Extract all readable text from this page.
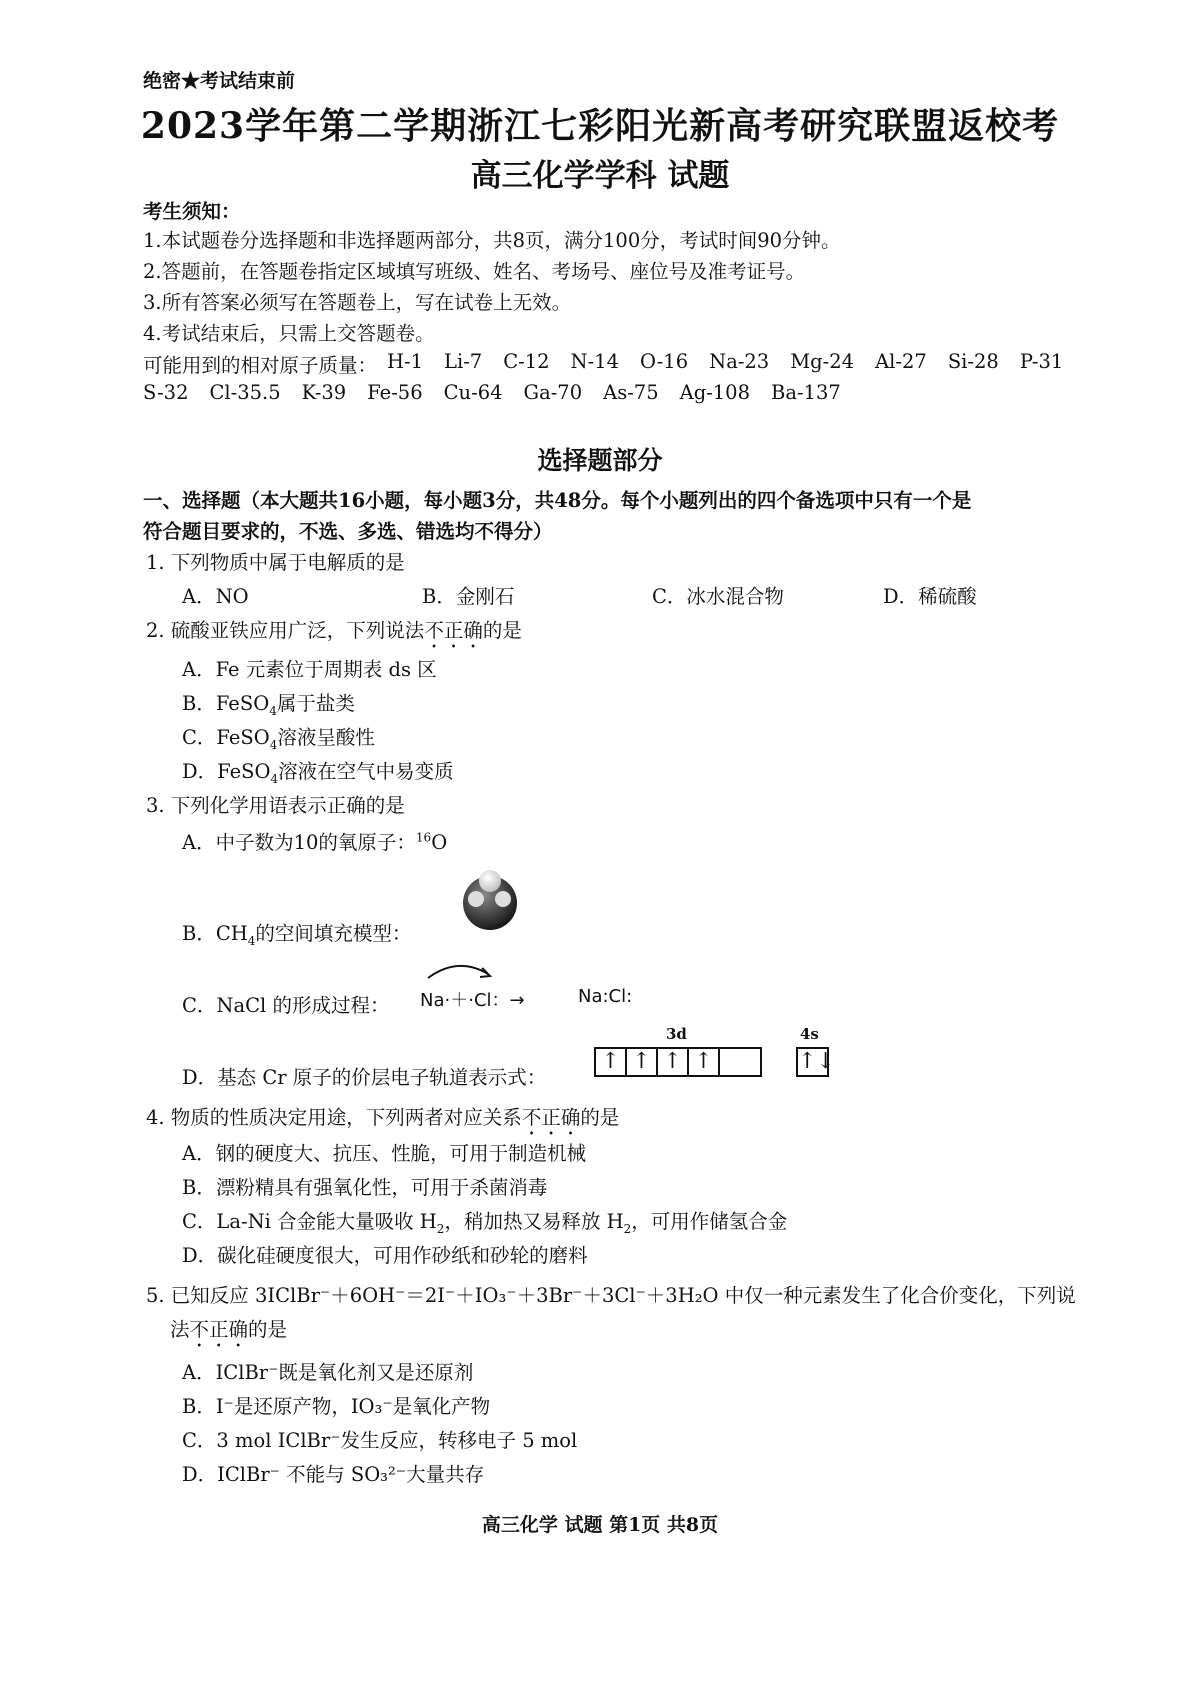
绝密★考试结束前
2023学年第二学期浙江七彩阳光新高考研究联盟返校考
高三化学学科 试题
考生须知：
1.本试题卷分选择题和非选择题两部分，共8页，满分100分，考试时间90分钟。
2.答题前，在答题卷指定区域填写班级、姓名、考场号、座位号及准考证号。
3.所有答案必须写在答题卷上，写在试卷上无效。
4.考试结束后，只需上交答题卷。
可能用到的相对原子质量： H-1 Li-7 C-12 N-14 O-16 Na-23 Mg-24 Al-27 Si-28 P-31
S-32 Cl-35.5 K-39 Fe-56 Cu-64 Ga-70 As-75 Ag-108 Ba-137
选择题部分
一、选择题（本大题共16小题，每小题3分，共48分。每个小题列出的四个备选项中只有一个是
符合题目要求的，不选、多选、错选均不得分）
1. 下列物质中属于电解质的是
A．NO	B．金刚石	C．冰水混合物	D．稀硫酸
2. 硫酸亚铁应用广泛，下列说法不正确的是
A．Fe 元素位于周期表 ds 区
B．FeSO$_4$属于盐类
C．FeSO$_4$溶液呈酸性
D．FeSO$_4$溶液在空气中易变质
3. 下列化学用语表示正确的是
A．中子数为10的氧原子：$^{16}$O
B．$CH_4$的空间填充模型：
C．NaCl 的形成过程： Na·＋·Cl：→	Na:Cl:
D．基态 Cr 原子的价层电子轨道表示式：
3d	4s
↑ ↑ ↑ ↑	↑↓
4. 物质的性质决定用途，下列两者对应关系不正确的是
A．钢的硬度大、抗压、性脆，可用于制造机械
B．漂粉精具有强氧化性，可用于杀菌消毒
C．La-Ni 合金能大量吸收 $H_2$，稍加热又易释放 $H_2$，可用作储氢合金
D．碳化硅硬度很大，可用作砂纸和砂轮的磨料
5. 已知反应 3IClBr⁻＋6OH⁻＝2I⁻＋IO₃⁻＋3Br⁻＋3Cl⁻＋3H₂O 中仅一种元素发生了化合价变化，下列说
法不正确的是
A．IClBr⁻既是氧化剂又是还原剂
B．I⁻是还原产物，IO₃⁻是氧化产物
C．3 mol IClBr⁻发生反应，转移电子 5 mol
D．IClBr⁻ 不能与 SO₃²⁻大量共存
高三化学 试题 第1页 共8页
